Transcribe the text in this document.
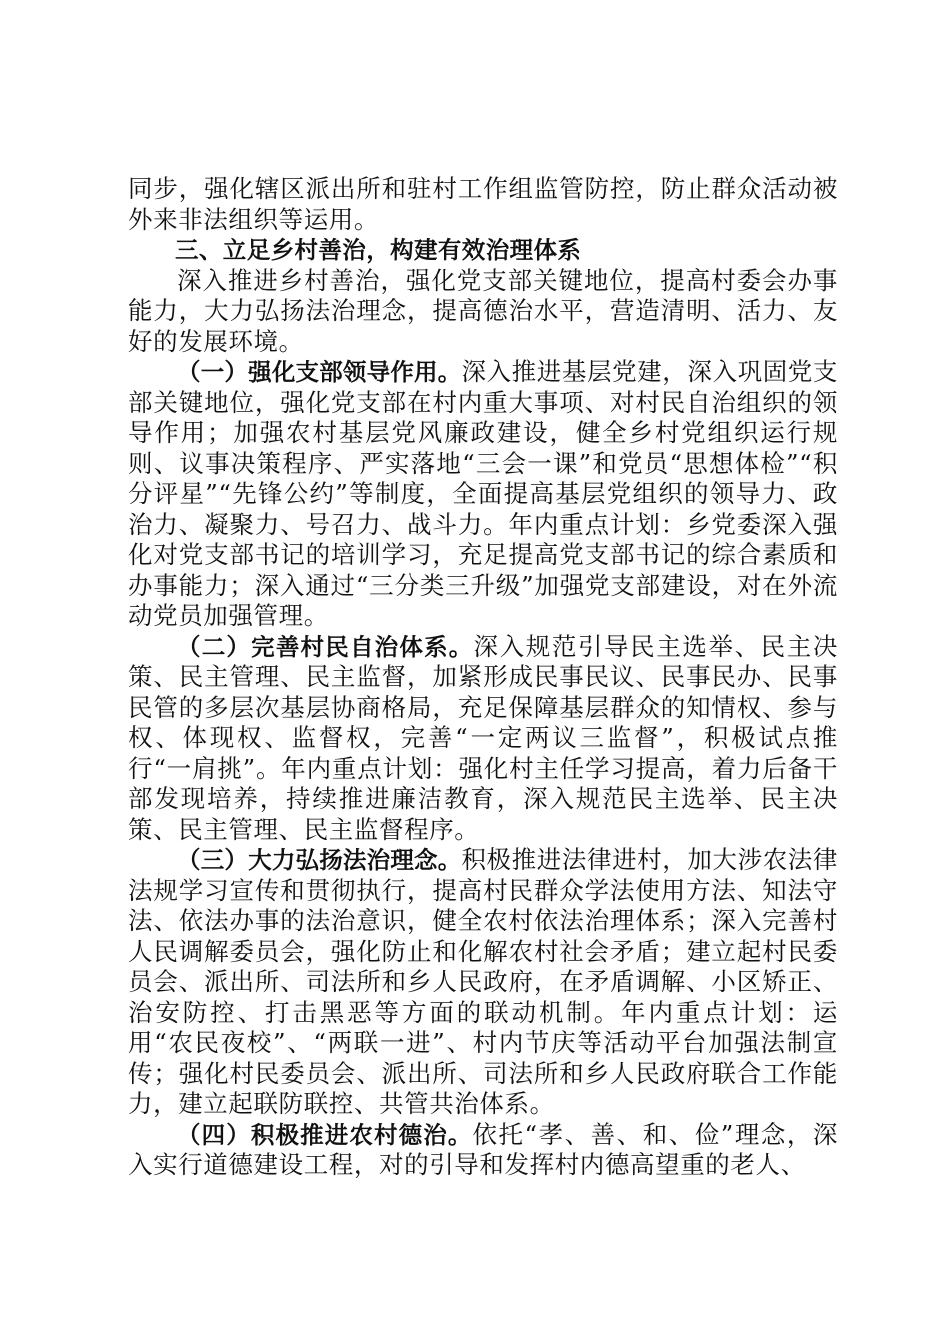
同步，强化辖区派出所和驻村工作组监管防控，防止群众活动被外来非法组织等运用。

三、立足乡村善治，构建有效治理体系

深入推进乡村善治，强化党支部关键地位，提高村委会办事能力，大力弘扬法治理念，提高德治水平，营造清明、活力、友好的发展环境。

（一）强化支部领导作用。深入推进基层党建，深入巩固党支部关键地位，强化党支部在村内重大事项、对村民自治组织的领导作用；加强农村基层党风廉政建设，健全乡村党组织运行规则、议事决策程序、严实落地“三会一课”和党员“思想体检”“积分评星”“先锋公约”等制度，全面提高基层党组织的领导力、政治力、凝聚力、号召力、战斗力。年内重点计划：乡党委深入强化对党支部书记的培训学习，充足提高党支部书记的综合素质和办事能力；深入通过“三分类三升级”加强党支部建设，对在外流动党员加强管理。

（二）完善村民自治体系。深入规范引导民主选举、民主决策、民主管理、民主监督，加紧形成民事民议、民事民办、民事民管的多层次基层协商格局，充足保障基层群众的知情权、参与权、体现权、监督权，完善“一定两议三监督”，积极试点推行“一肩挑”。年内重点计划：强化村主任学习提高，着力后备干部发现培养，持续推进廉洁教育，深入规范民主选举、民主决策、民主管理、民主监督程序。

（三）大力弘扬法治理念。积极推进法律进村，加大涉农法律法规学习宣传和贯彻执行，提高村民群众学法使用方法、知法守法、依法办事的法治意识，健全农村依法治理体系；深入完善村人民调解委员会，强化防止和化解农村社会矛盾；建立起村民委员会、派出所、司法所和乡人民政府，在矛盾调解、小区矫正、治安防控、打击黑恶等方面的联动机制。年内重点计划：运用“农民夜校”、“两联一进”、村内节庆等活动平台加强法制宣传；强化村民委员会、派出所、司法所和乡人民政府联合工作能力，建立起联防联控、共管共治体系。

（四）积极推进农村德治。依托“孝、善、和、俭”理念，深入实行道德建设工程，对的引导和发挥村内德高望重的老人、
